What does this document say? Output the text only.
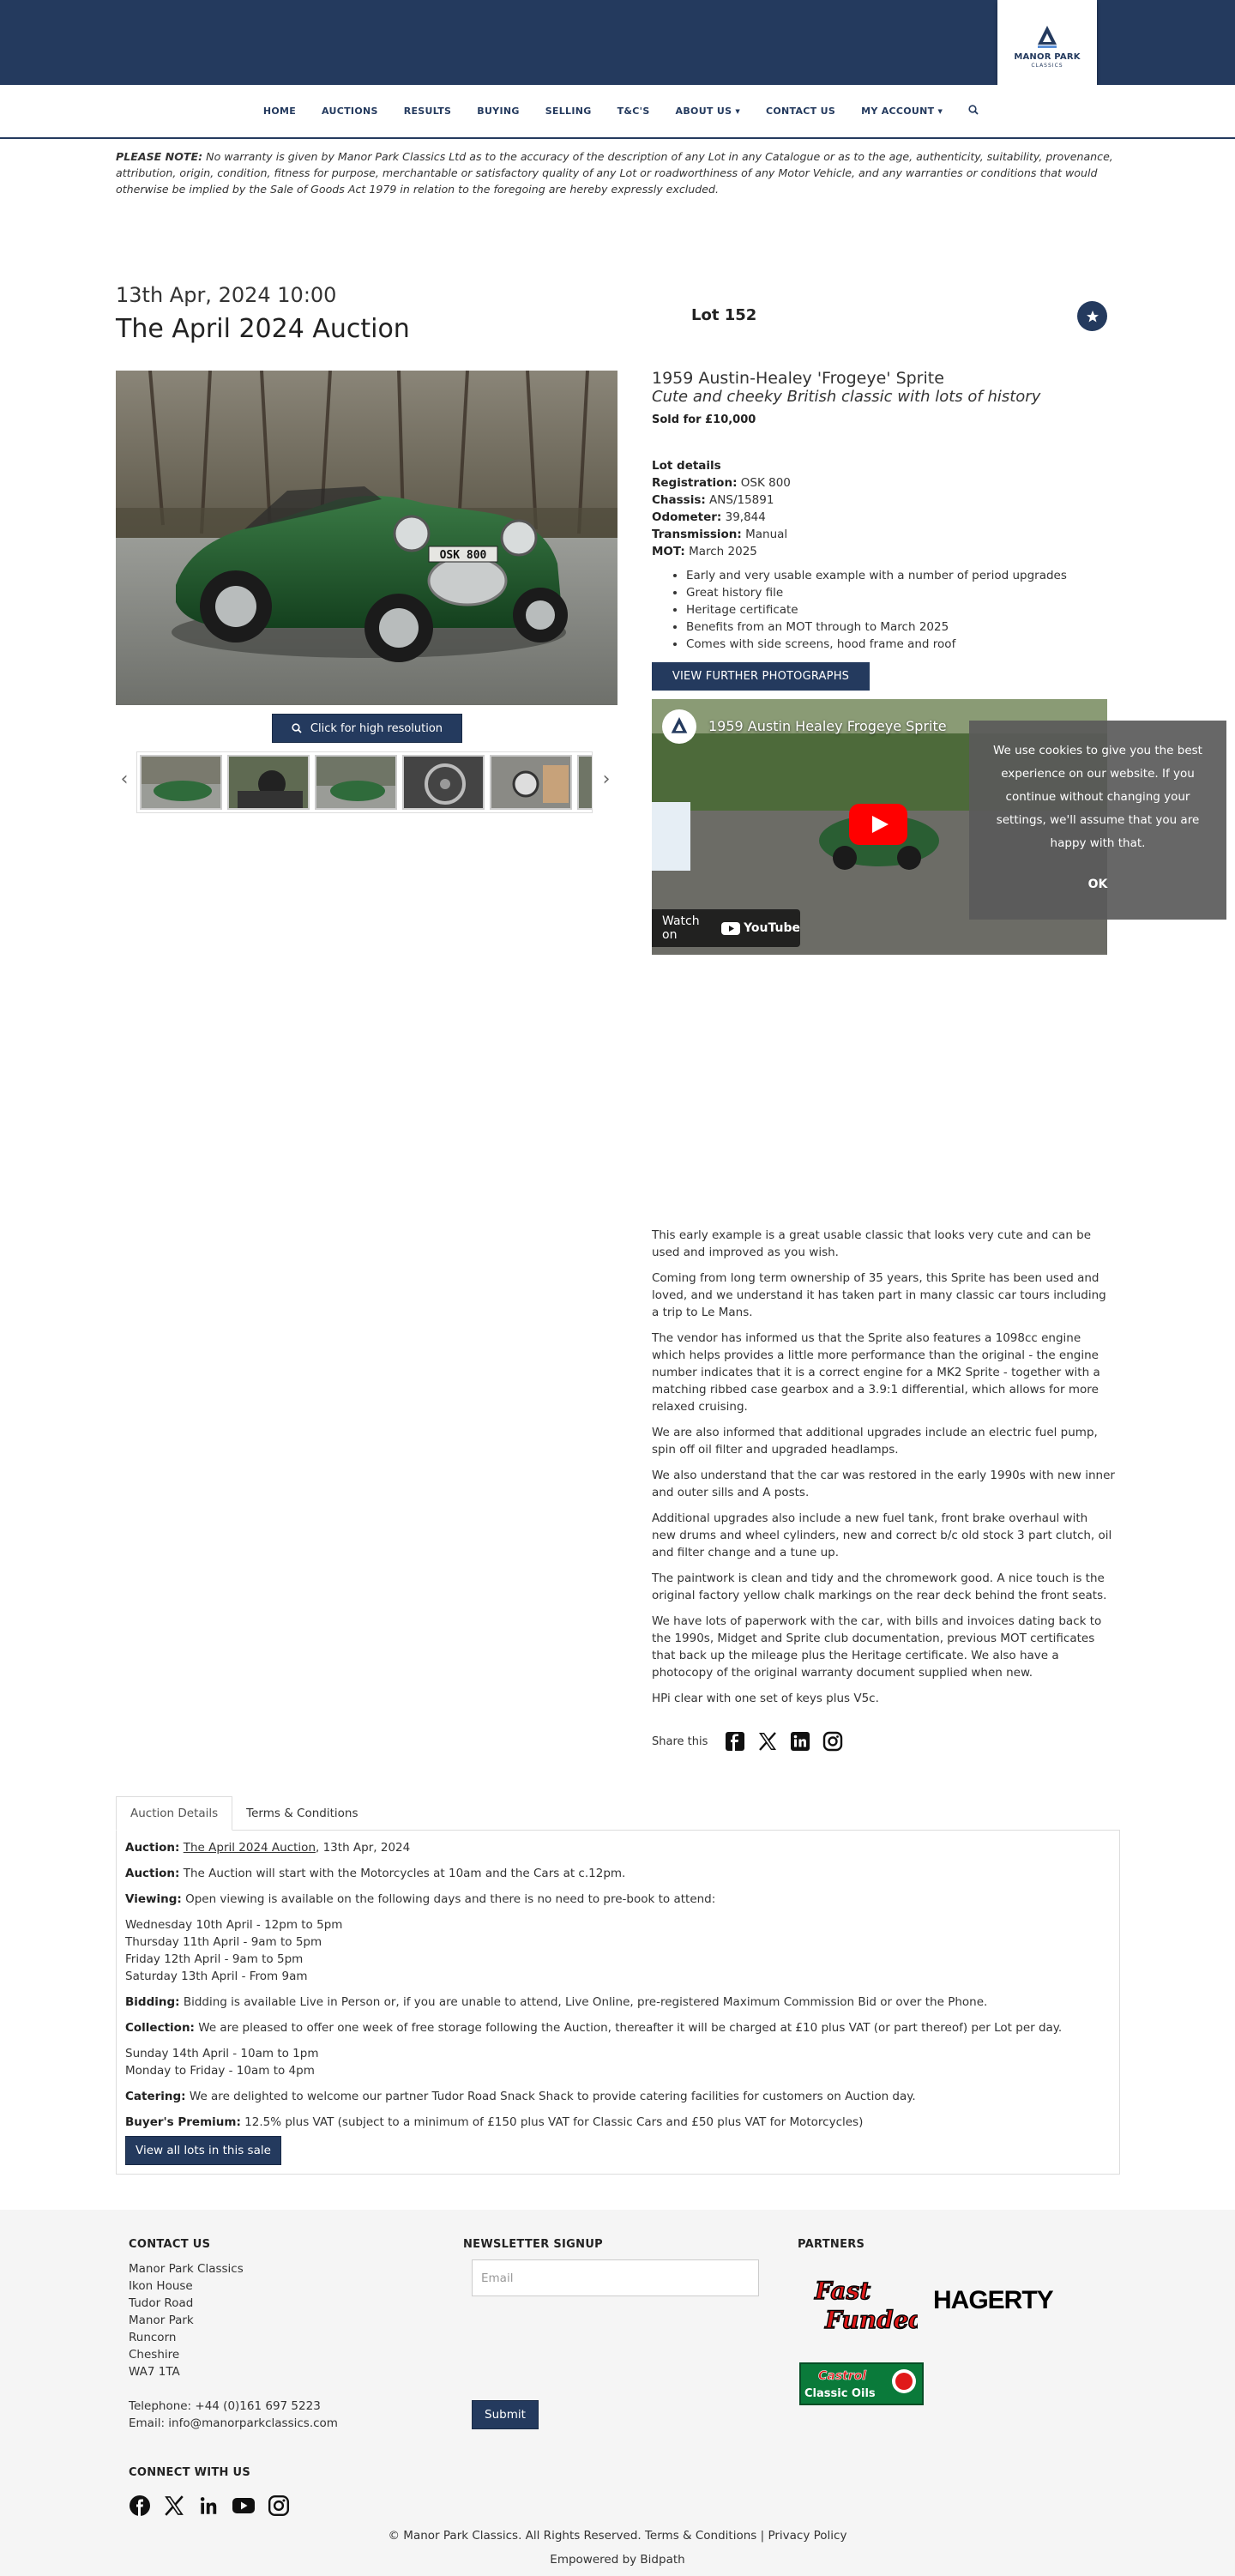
MANOR PARK
CLASSICS
HOME	AUCTIONS	RESULTS	BUYING	SELLING	T&C'S	ABOUT US ▼	CONTACT US	MY ACCOUNT ▼
PLEASE NOTE: No warranty is given by Manor Park Classics Ltd as to the accuracy of the description of any Lot in any Catalogue or as to the age, authenticity, suitability, provenance, attribution, origin, condition, fitness for purpose, merchantable or satisfactory quality of any Lot or roadworthiness of any Motor Vehicle, and any warranties or conditions that would otherwise be implied by the Sale of Goods Act 1979 in relation to the foregoing are hereby expressly excluded.
13th Apr, 2024 10:00
The April 2024 Auction	Lot 152
OSK 800
Click for high resolution
‹	›
1959 Austin-Healey 'Frogeye' Sprite
Cute and cheeky British classic with lots of history
Sold for £10,000
Lot details
Registration: OSK 800
Chassis: ANS/15891
Odometer: 39,844
Transmission: Manual
MOT: March 2025
• Early and very usable example with a number of period upgrades
• Great history file
• Heritage certificate
• Benefits from an MOT through to March 2025
• Comes with side screens, hood frame and roof
VIEW FURTHER PHOTOGRAPHS
1959 Austin Healey Frogeye Sprite
Watch on	YouTube
We use cookies to give you the best experience on our website. If you continue without changing your settings, we'll assume that you are happy with that.
OK

This early example is a great usable classic that looks very cute and can be used and improved as you wish.

Coming from long term ownership of 35 years, this Sprite has been used and loved, and we understand it has taken part in many classic car tours including a trip to Le Mans.

The vendor has informed us that the Sprite also features a 1098cc engine which helps provides a little more performance than the original - the engine number indicates that it is a correct engine for a MK2 Sprite - together with a matching ribbed case gearbox and a 3.9:1 differential, which allows for more relaxed cruising.

We are also informed that additional upgrades include an electric fuel pump, spin off oil filter and upgraded headlamps.

We also understand that the car was restored in the early 1990s with new inner and outer sills and A posts.

Additional upgrades also include a new fuel tank, front brake overhaul with new drums and wheel cylinders, new and correct b/c old stock 3 part clutch, oil and filter change and a tune up.

The paintwork is clean and tidy and the chromework good. A nice touch is the original factory yellow chalk markings on the rear deck behind the front seats.

We have lots of paperwork with the car, with bills and invoices dating back to the 1990s, Midget and Sprite club documentation, previous MOT certificates that back up the mileage plus the Heritage certificate. We also have a photocopy of the original warranty document supplied when new.

HPi clear with one set of keys plus V5c.

Share this
Auction Details	Terms & Conditions

Auction: The April 2024 Auction, 13th Apr, 2024

Auction: The Auction will start with the Motorcycles at 10am and the Cars at c.12pm.

Viewing: Open viewing is available on the following days and there is no need to pre-book to attend:

Wednesday 10th April - 12pm to 5pm
Thursday 11th April - 9am to 5pm
Friday 12th April - 9am to 5pm
Saturday 13th April - From 9am

Bidding: Bidding is available Live in Person or, if you are unable to attend, Live Online, pre-registered Maximum Commission Bid or over the Phone.

Collection: We are pleased to offer one week of free storage following the Auction, thereafter it will be charged at £10 plus VAT (or part thereof) per Lot per day.

Sunday 14th April - 10am to 1pm
Monday to Friday - 10am to 4pm

Catering: We are delighted to welcome our partner Tudor Road Snack Shack to provide catering facilities for customers on Auction day.

Buyer's Premium: 12.5% plus VAT (subject to a minimum of £150 plus VAT for Classic Cars and £50 plus VAT for Motorcycles)

View all lots in this sale
CONTACT US
Manor Park Classics
Ikon House
Tudor Road
Manor Park
Runcorn
Cheshire
WA7 1TA
Telephone: +44 (0)161 697 5223
Email: info@manorparkclassics.com
NEWSLETTER SIGNUP
Email
Submit
PARTNERS
Fast
Funded
HAGERTY
Castrol
Classic Oils
CONNECT WITH US
© Manor Park Classics. All Rights Reserved. Terms & Conditions | Privacy Policy
Empowered by Bidpath
